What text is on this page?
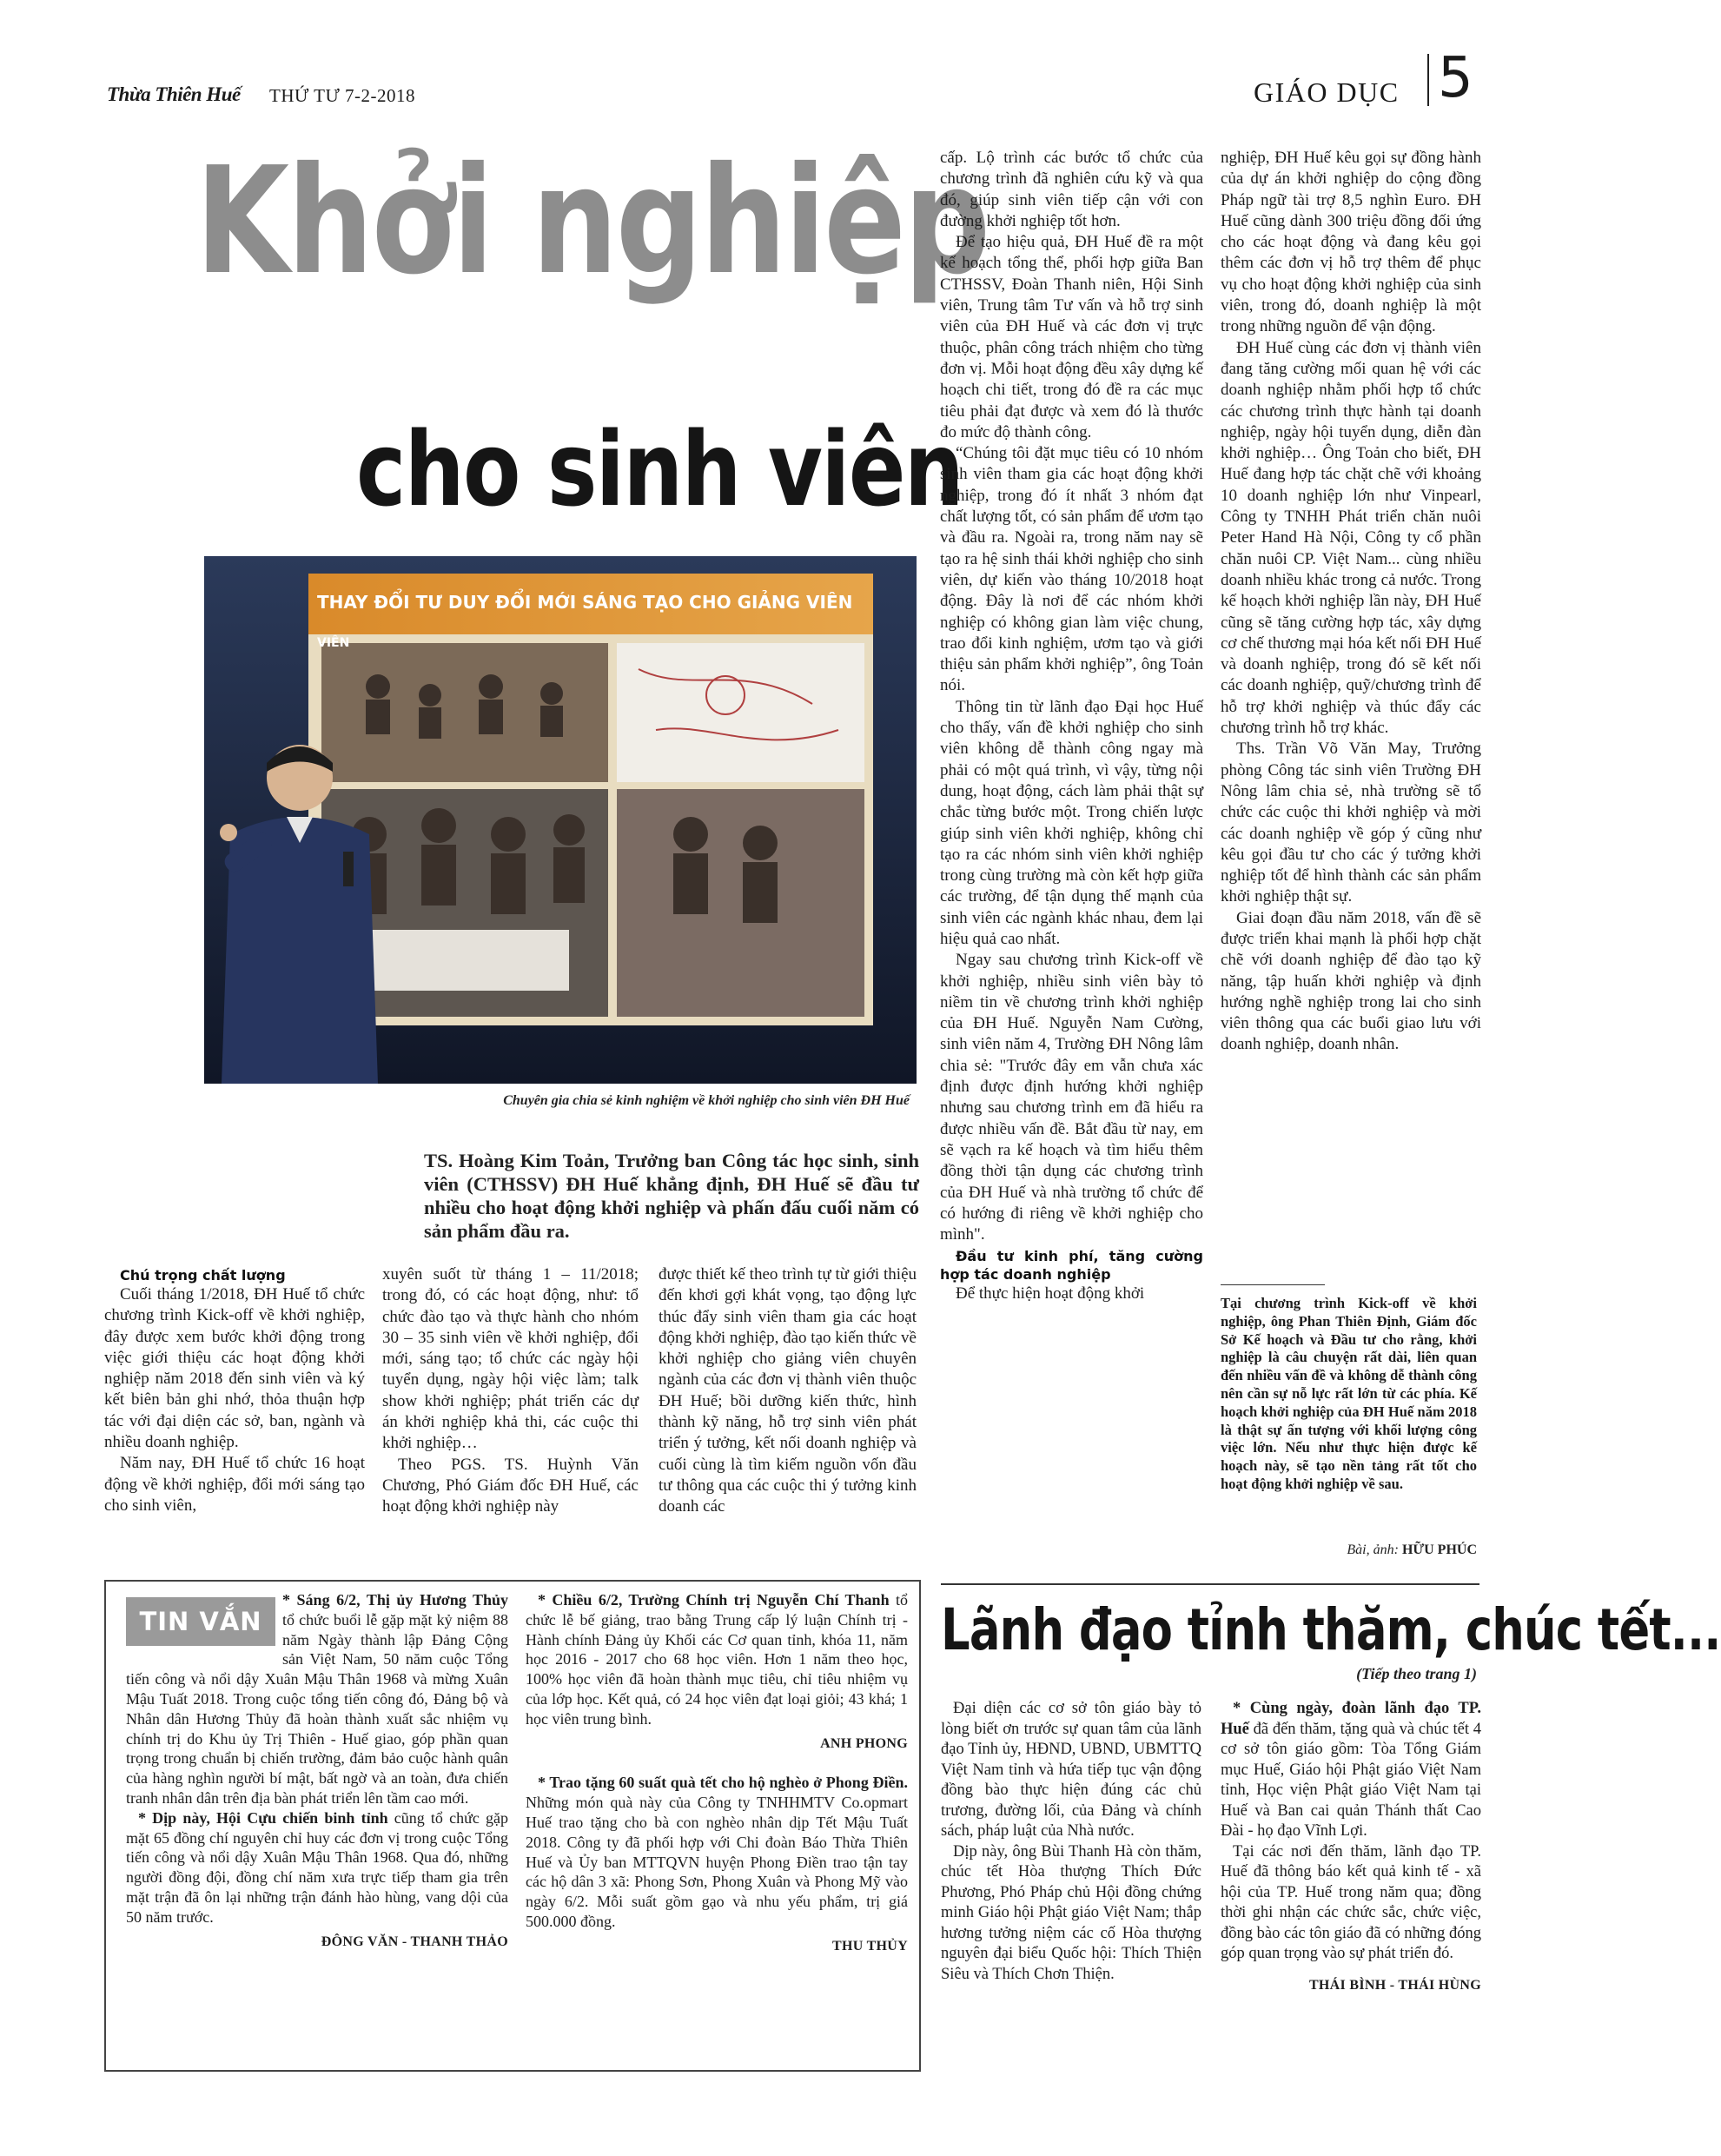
Thừa Thiên Huế THỨ TƯ 7-2-2018	GIÁO DỤC 5
Khởi nghiệp
cho sinh viên
THAY ĐỔI TƯ DUY ĐỔI MỚI SÁNG TẠO CHO GIẢNG VIÊN
VIÊN
Chuyên gia chia sẻ kinh nghiệm về khởi nghiệp cho sinh viên ĐH Huế
TS. Hoàng Kim Toản, Trưởng ban Công tác học sinh, sinh viên (CTHSSV) ĐH Huế khẳng định, ĐH Huế sẽ đầu tư nhiều cho hoạt động khởi nghiệp và phấn đấu cuối năm có sản phẩm đầu ra.

Chú trọng chất lượng

Cuối tháng 1/2018, ĐH Huế tổ chức chương trình Kick-off về khởi nghiệp, đây được xem bước khởi động trong việc giới thiệu các hoạt động khởi nghiệp năm 2018 đến sinh viên và ký kết biên bản ghi nhớ, thỏa thuận hợp tác với đại diện các sở, ban, ngành và nhiều doanh nghiệp.

Năm nay, ĐH Huế tổ chức 16 hoạt động về khởi nghiệp, đổi mới sáng tạo cho sinh viên,

xuyên suốt từ tháng 1 – 11/2018; trong đó, có các hoạt động, như: tổ chức đào tạo và thực hành cho nhóm 30 – 35 sinh viên về khởi nghiệp, đổi mới, sáng tạo; tổ chức các ngày hội tuyển dụng, ngày hội việc làm; talk show khởi nghiệp; phát triển các dự án khởi nghiệp khả thi, các cuộc thi khởi nghiệp…

Theo PGS. TS. Huỳnh Văn Chương, Phó Giám đốc ĐH Huế, các hoạt động khởi nghiệp này

được thiết kế theo trình tự từ giới thiệu đến khơi gợi khát vọng, tạo động lực thúc đẩy sinh viên tham gia các hoạt động khởi nghiệp, đào tạo kiến thức về khởi nghiệp cho giảng viên chuyên ngành của các đơn vị thành viên thuộc ĐH Huế; bồi dưỡng kiến thức, hình thành kỹ năng, hỗ trợ sinh viên phát triển ý tưởng, kết nối doanh nghiệp và cuối cùng là tìm kiếm nguồn vốn đầu tư thông qua các cuộc thi ý tưởng kinh doanh các

cấp. Lộ trình các bước tổ chức của chương trình đã nghiên cứu kỹ và qua đó, giúp sinh viên tiếp cận với con đường khởi nghiệp tốt hơn.

Để tạo hiệu quả, ĐH Huế đề ra một kế hoạch tổng thể, phối hợp giữa Ban CTHSSV, Đoàn Thanh niên, Hội Sinh viên, Trung tâm Tư vấn và hỗ trợ sinh viên của ĐH Huế và các đơn vị trực thuộc, phân công trách nhiệm cho từng đơn vị. Mỗi hoạt động đều xây dựng kế hoạch chi tiết, trong đó đề ra các mục tiêu phải đạt được và xem đó là thước đo mức độ thành công.

“Chúng tôi đặt mục tiêu có 10 nhóm sinh viên tham gia các hoạt động khởi nghiệp, trong đó ít nhất 3 nhóm đạt chất lượng tốt, có sản phẩm để ươm tạo và đầu ra. Ngoài ra, trong năm nay sẽ tạo ra hệ sinh thái khởi nghiệp cho sinh viên, dự kiến vào tháng 10/2018 hoạt động. Đây là nơi để các nhóm khởi nghiệp có không gian làm việc chung, trao đổi kinh nghiệm, ươm tạo và giới thiệu sản phẩm khởi nghiệp”, ông Toản nói.

Thông tin từ lãnh đạo Đại học Huế cho thấy, vấn đề khởi nghiệp cho sinh viên không dễ thành công ngay mà phải có một quá trình, vì vậy, từng nội dung, hoạt động, cách làm phải thật sự chắc từng bước một. Trong chiến lược giúp sinh viên khởi nghiệp, không chỉ tạo ra các nhóm sinh viên khởi nghiệp trong cùng trường mà còn kết hợp giữa các trường, để tận dụng thế mạnh của sinh viên các ngành khác nhau, đem lại hiệu quả cao nhất.

Ngay sau chương trình Kick-off về khởi nghiệp, nhiều sinh viên bày tỏ niềm tin về chương trình khởi nghiệp của ĐH Huế. Nguyễn Nam Cường, sinh viên năm 4, Trường ĐH Nông lâm chia sẻ: "Trước đây em vẫn chưa xác định được định hướng khởi nghiệp nhưng sau chương trình em đã hiểu ra được nhiều vấn đề. Bắt đầu từ nay, em sẽ vạch ra kế hoạch và tìm hiểu thêm đồng thời tận dụng các chương trình của ĐH Huế và nhà trường tổ chức để có hướng đi riêng về khởi nghiệp cho mình".

Đầu tư kinh phí, tăng cường hợp tác doanh nghiệp

Để thực hiện hoạt động khởi

nghiệp, ĐH Huế kêu gọi sự đồng hành của dự án khởi nghiệp do cộng đồng Pháp ngữ tài trợ 8,5 nghìn Euro. ĐH Huế cũng dành 300 triệu đồng đối ứng cho các hoạt động và đang kêu gọi thêm các đơn vị hỗ trợ thêm để phục vụ cho hoạt động khởi nghiệp của sinh viên, trong đó, doanh nghiệp là một trong những nguồn để vận động.

ĐH Huế cùng các đơn vị thành viên đang tăng cường mối quan hệ với các doanh nghiệp nhằm phối hợp tổ chức các chương trình thực hành tại doanh nghiệp, ngày hội tuyển dụng, diễn đàn khởi nghiệp… Ông Toản cho biết, ĐH Huế đang hợp tác chặt chẽ với khoảng 10 doanh nghiệp lớn như Vinpearl, Công ty TNHH Phát triển chăn nuôi Peter Hand Hà Nội, Công ty cổ phần chăn nuôi CP. Việt Nam... cùng nhiều doanh nhiều khác trong cả nước. Trong kế hoạch khởi nghiệp lần này, ĐH Huế cũng sẽ tăng cường hợp tác, xây dựng cơ chế thương mại hóa kết nối ĐH Huế và doanh nghiệp, trong đó sẽ kết nối các doanh nghiệp, quỹ/chương trình để hỗ trợ khởi nghiệp và thúc đẩy các chương trình hỗ trợ khác.

Ths. Trần Võ Văn May, Trưởng phòng Công tác sinh viên Trường ĐH Nông lâm chia sẻ, nhà trường sẽ tổ chức các cuộc thi khởi nghiệp và mời các doanh nghiệp về góp ý cũng như kêu gọi đầu tư cho các ý tưởng khởi nghiệp tốt để hình thành các sản phẩm khởi nghiệp thật sự.

Giai đoạn đầu năm 2018, vấn đề sẽ được triển khai mạnh là phối hợp chặt chẽ với doanh nghiệp để đào tạo kỹ năng, tập huấn khởi nghiệp và định hướng nghề nghiệp trong lai cho sinh viên thông qua các buổi giao lưu với doanh nghiệp, doanh nhân.

Tại chương trình Kick-off về khởi nghiệp, ông Phan Thiên Định, Giám đốc Sở Kế hoạch và Đầu tư cho rằng, khởi nghiệp là câu chuyện rất dài, liên quan đến nhiều vấn đề và không dễ thành công nên cần sự nỗ lực rất lớn từ các phía. Kế hoạch khởi nghiệp của ĐH Huế năm 2018 là thật sự ấn tượng với khối lượng công việc lớn. Nếu như thực hiện được kế hoạch này, sẽ tạo nền tảng rất tốt cho hoạt động khởi nghiệp về sau.
Bài, ảnh: HỮU PHÚC
TIN VẮN

* Sáng 6/2, Thị ủy Hương Thủy tổ chức buổi lễ gặp mặt kỷ niệm 88 năm Ngày thành lập Đảng Cộng sản Việt Nam, 50 năm cuộc Tổng tiến công và nổi dậy Xuân Mậu Thân 1968 và mừng Xuân Mậu Tuất 2018. Trong cuộc tổng tiến công đó, Đảng bộ và Nhân dân Hương Thủy đã hoàn thành xuất sắc nhiệm vụ chính trị do Khu ủy Trị Thiên - Huế giao, góp phần quan trọng trong chuẩn bị chiến trường, đảm bảo cuộc hành quân của hàng nghìn người bí mật, bất ngờ và an toàn, đưa chiến tranh nhân dân trên địa bàn phát triển lên tầm cao mới.

* Dịp này, Hội Cựu chiến binh tỉnh cũng tổ chức gặp mặt 65 đồng chí nguyên chỉ huy các đơn vị trong cuộc Tổng tiến công và nổi dậy Xuân Mậu Thân 1968. Qua đó, những người đồng đội, đồng chí năm xưa trực tiếp tham gia trên mặt trận đã ôn lại những trận đánh hào hùng, vang dội của 50 năm trước.

ĐÔNG VĂN - THANH THẢO

* Chiều 6/2, Trường Chính trị Nguyễn Chí Thanh tổ chức lễ bế giảng, trao bằng Trung cấp lý luận Chính trị - Hành chính Đảng ủy Khối các Cơ quan tỉnh, khóa 11, năm học 2016 - 2017 cho 68 học viên. Hơn 1 năm theo học, 100% học viên đã hoàn thành mục tiêu, chỉ tiêu nhiệm vụ của lớp học. Kết quả, có 24 học viên đạt loại giỏi; 43 khá; 1 học viên trung bình.

ANH PHONG

* Trao tặng 60 suất quà tết cho hộ nghèo ở Phong Điền. Những món quà này của Công ty TNHHMTV Co.opmart Huế trao tặng cho bà con nghèo nhân dịp Tết Mậu Tuất 2018. Công ty đã phối hợp với Chi đoàn Báo Thừa Thiên Huế và Ủy ban MTTQVN huyện Phong Điền trao tận tay các hộ dân 3 xã: Phong Sơn, Phong Xuân và Phong Mỹ vào ngày 6/2. Mỗi suất gồm gạo và nhu yếu phẩm, trị giá 500.000 đồng.

THU THỦY
Lãnh đạo tỉnh thăm, chúc tết...
(Tiếp theo trang 1)

Đại diện các cơ sở tôn giáo bày tỏ lòng biết ơn trước sự quan tâm của lãnh đạo Tỉnh ủy, HĐND, UBND, UBMTTQ Việt Nam tỉnh và hứa tiếp tục vận động đồng bào thực hiện đúng các chủ trương, đường lối, của Đảng và chính sách, pháp luật của Nhà nước.

Dịp này, ông Bùi Thanh Hà còn thăm, chúc tết Hòa thượng Thích Đức Phương, Phó Pháp chủ Hội đồng chứng minh Giáo hội Phật giáo Việt Nam; thắp hương tưởng niệm các cố Hòa thượng nguyên đại biểu Quốc hội: Thích Thiện Siêu và Thích Chơn Thiện.

* Cùng ngày, đoàn lãnh đạo TP. Huế đã đến thăm, tặng quà và chúc tết 4 cơ sở tôn giáo gồm: Tòa Tổng Giám mục Huế, Giáo hội Phật giáo Việt Nam tỉnh, Học viện Phật giáo Việt Nam tại Huế và Ban cai quản Thánh thất Cao Đài - họ đạo Vĩnh Lợi.

Tại các nơi đến thăm, lãnh đạo TP. Huế đã thông báo kết quả kinh tế - xã hội của TP. Huế trong năm qua; đồng thời ghi nhận các chức sắc, chức việc, đồng bào các tôn giáo đã có những đóng góp quan trọng vào sự phát triển đó.

THÁI BÌNH - THÁI HÙNG
